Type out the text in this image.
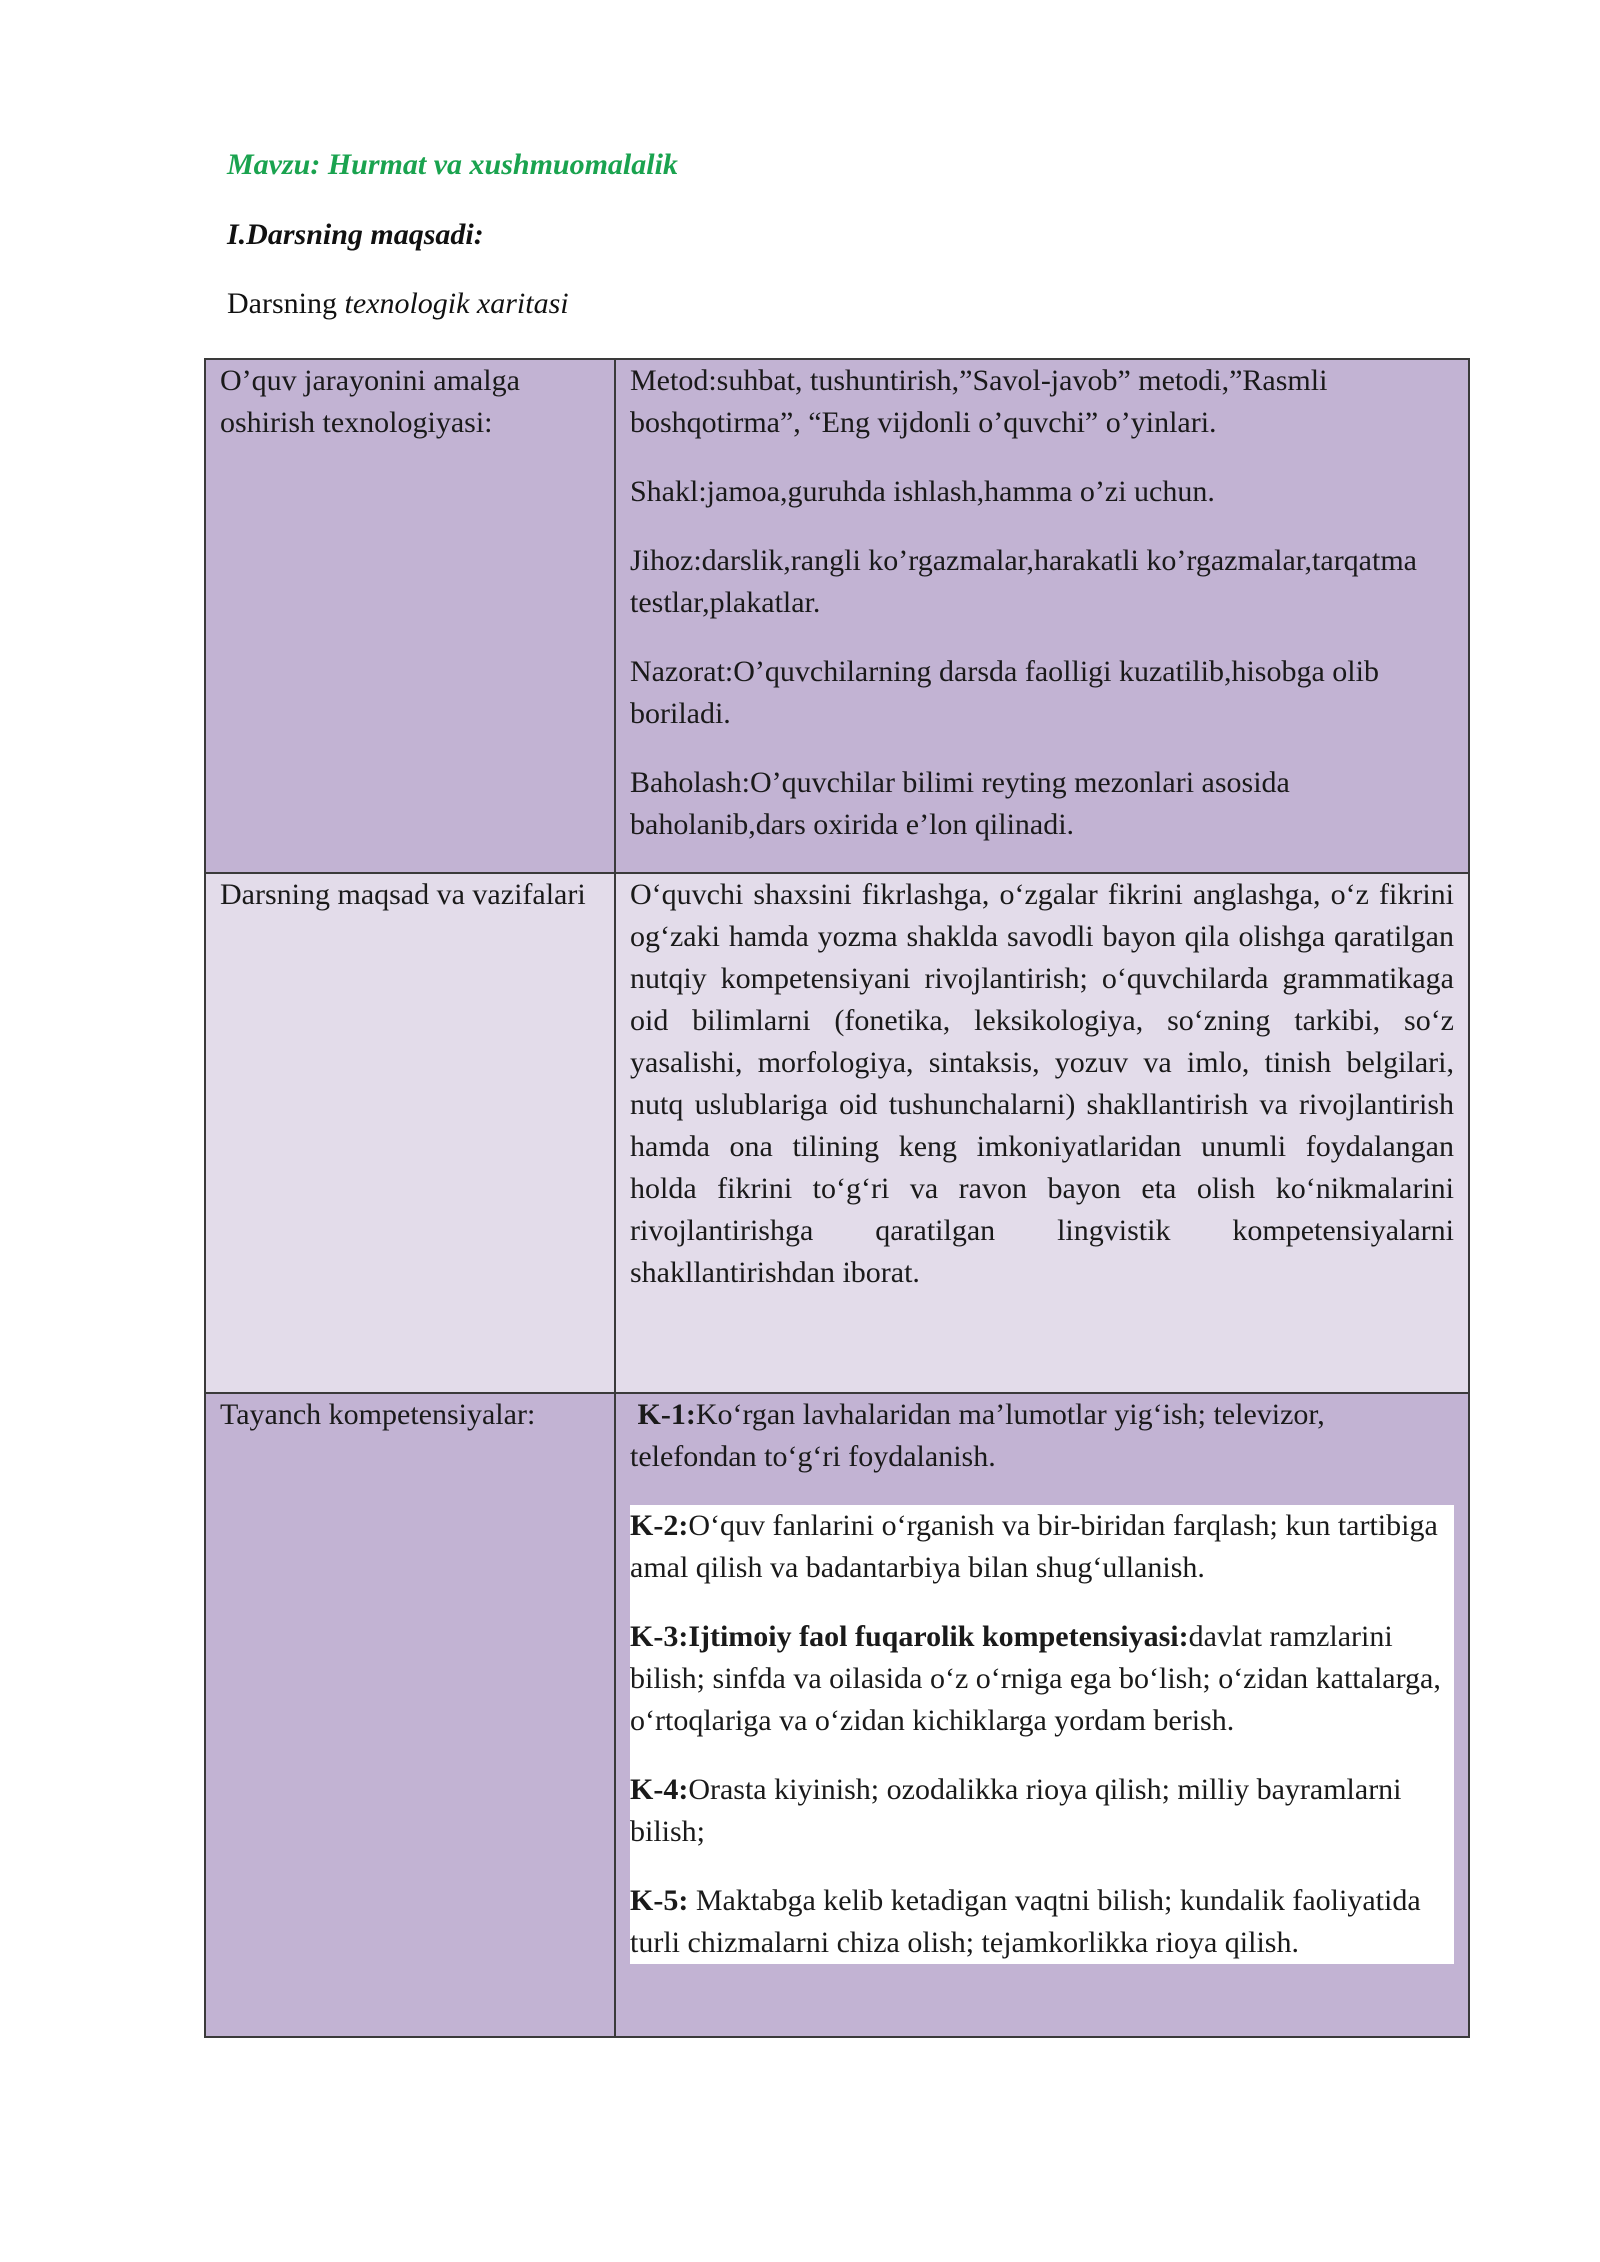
Mavzu: Hurmat va xushmuomalalik
I.Darsning maqsadi:
Darsning texnologik xaritasi
O’quv jarayonini amalga oshirish texnologiyasi:	Metod:suhbat, tushuntirish,”Savol-javob” metodi,”Rasmli boshqotirma”, “Eng vijdonli o’quvchi” o’yinlari.

Shakl:jamoa,guruhda ishlash,hamma o’zi uchun.

Jihoz:darslik,rangli ko’rgazmalar,harakatli ko’rgazmalar,tarqatma testlar,plakatlar.

Nazorat:O’quvchilarning darsda faolligi kuzatilib,hisobga olib boriladi.

Baholash:O’quvchilar bilimi reyting mezonlari asosida baholanib,dars oxirida e’lon qilinadi.

Darsning maqsad va vazifalari	O‘quvchi shaxsini fikrlashga, o‘zgalar fikrini anglashga, o‘z fikrini og‘zaki hamda yozma shaklda savodli bayon qila olishga qaratilgan nutqiy kompetensiyani rivojlantirish; o‘quvchilarda grammatikaga oid bilimlarni (fonetika, leksikologiya, so‘zning tarkibi, so‘z yasalishi, morfologiya, sintaksis, yozuv va imlo, tinish belgilari, nutq uslublariga oid tushunchalarni) shakllantirish va rivojlantirish hamda ona tilining keng imkoniyatlaridan unumli foydalangan holda fikrini to‘g‘ri va ravon bayon eta olish ko‘nikmalarini rivojlantirishga qaratilgan lingvistik kompetensiyalarni shakllantirishdan iborat.

Tayanch kompetensiyalar:	K-1:Ko‘rgan lavhalaridan ma’lumotlar yig‘ish; televizor, telefondan to‘g‘ri foydalanish.

K-2:O‘quv fanlarini o‘rganish va bir-biridan farqlash; kun tartibiga amal qilish va badantarbiya bilan shug‘ullanish.

K-3:Ijtimoiy faol fuqarolik kompetensiyasi:davlat ramzlarini bilish; sinfda va oilasida o‘z o‘rniga ega bo‘lish; o‘zidan kattalarga, o‘rtoqlariga va o‘zidan kichiklarga yordam berish.

K-4:Orasta kiyinish; ozodalikka rioya qilish; milliy bayramlarni bilish;

K-5: Maktabga kelib ketadigan vaqtni bilish; kundalik faoliyatida turli chizmalarni chiza olish; tejamkorlikka rioya qilish.
